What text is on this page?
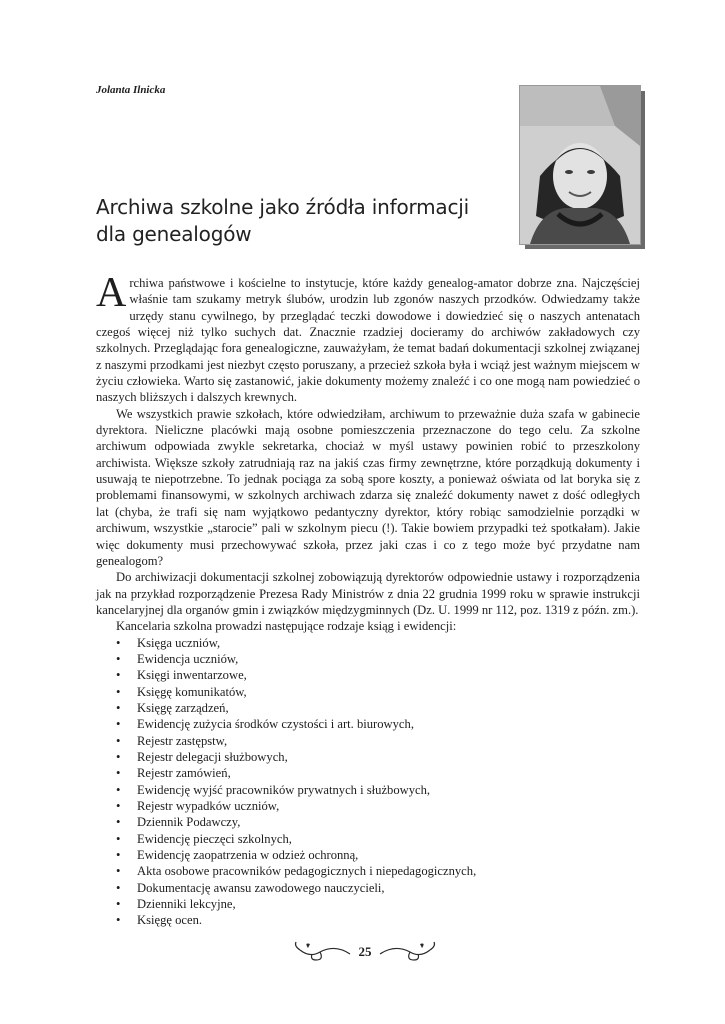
Jolanta Ilnicka
Archiwa szkolne jako źródła informacji dla genealogów

Archiwa państwowe i kościelne to instytucje, które każdy genealog-amator dobrze zna. Najczęściej właśnie tam szukamy metryk ślubów, urodzin lub zgonów naszych przodków. Odwiedzamy także urzędy stanu cywilnego, by przeglądać teczki dowodowe i dowiedzieć się o naszych antenatach czegoś więcej niż tylko suchych dat. Znacznie rzadziej docieramy do archiwów zakładowych czy szkolnych. Przeglądając fora genealogiczne, zauważyłam, że temat badań dokumentacji szkolnej związanej z naszymi przodkami jest niezbyt często poruszany, a przecież szkoła była i wciąż jest ważnym miejscem w życiu człowieka. Warto się zastanowić, jakie dokumenty możemy znaleźć i co one mogą nam powiedzieć o naszych bliższych i dalszych krewnych.

We wszystkich prawie szkołach, które odwiedziłam, archiwum to przeważnie duża szafa w gabinecie dyrektora. Nieliczne placówki mają osobne pomieszczenia przeznaczone do tego celu. Za szkolne archiwum odpowiada zwykle sekretarka, chociaż w myśl ustawy powinien robić to przeszkolony archiwista. Większe szkoły zatrudniają raz na jakiś czas firmy zewnętrzne, które porządkują dokumenty i usuwają te niepotrzebne. To jednak pociąga za sobą spore koszty, a ponieważ oświata od lat boryka się z problemami finansowymi, w szkolnych archiwach zdarza się znaleźć dokumenty nawet z dość odległych lat (chyba, że trafi się nam wyjątkowo pedantyczny dyrektor, który robiąc samodzielnie porządki w archiwum, wszystkie „starocie” pali w szkolnym piecu (!). Takie bowiem przypadki też spotkałam). Jakie więc dokumenty musi przechowywać szkoła, przez jaki czas i co z tego może być przydatne nam genealogom?

Do archiwizacji dokumentacji szkolnej zobowiązują dyrektorów odpowiednie ustawy i rozporządzenia jak na przykład rozporządzenie Prezesa Rady Ministrów z dnia 22 grudnia 1999 roku w sprawie instrukcji kancelaryjnej dla organów gmin i związków międzygminnych (Dz. U. 1999 nr 112, poz. 1319 z późn. zm.).

Kancelaria szkolna prowadzi następujące rodzaje ksiąg i ewidencji:

• Księga uczniów,
• Ewidencja uczniów,
• Księgi inwentarzowe,
• Księgę komunikatów,
• Księgę zarządzeń,
• Ewidencję zużycia środków czystości i art. biurowych,
• Rejestr zastępstw,
• Rejestr delegacji służbowych,
• Rejestr zamówień,
• Ewidencję wyjść pracowników prywatnych i służbowych,
• Rejestr wypadków uczniów,
• Dziennik Podawczy,
• Ewidencję pieczęci szkolnych,
• Ewidencję zaopatrzenia w odzież ochronną,
• Akta osobowe pracowników pedagogicznych i niepedagogicznych,
• Dokumentację awansu zawodowego nauczycieli,
• Dzienniki lekcyjne,
• Księgę ocen.
25
